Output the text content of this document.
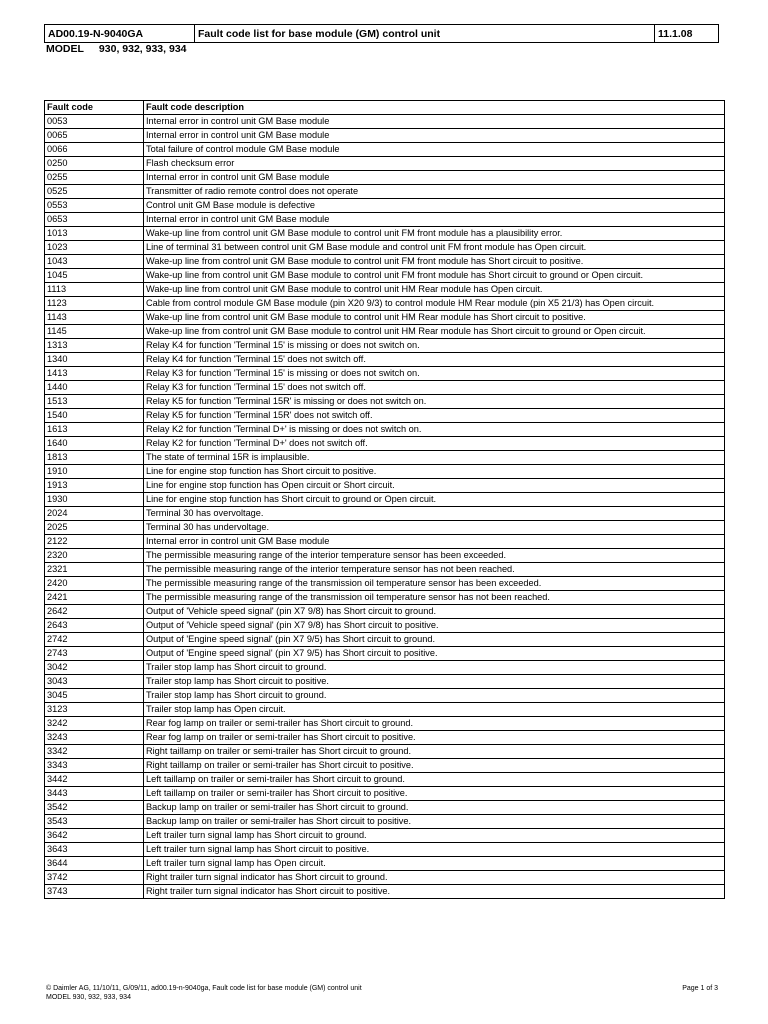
AD00.19-N-9040GA	Fault code list for base module (GM) control unit	11.1.08
MODEL 930, 932, 933, 934
Fault code	Fault code description
0053	Internal error in control unit GM Base module
0065	Internal error in control unit GM Base module
0066	Total failure of control module GM Base module
0250	Flash checksum error
0255	Internal error in control unit GM Base module
0525	Transmitter of radio remote control does not operate
0553	Control unit GM Base module is defective
0653	Internal error in control unit GM Base module
1013	Wake-up line from control unit GM Base module to control unit FM front module has a plausibility error.
1023	Line of terminal 31 between control unit GM Base module and control unit FM front module has Open circuit.
1043	Wake-up line from control unit GM Base module to control unit FM front module has Short circuit to positive.
1045	Wake-up line from control unit GM Base module to control unit FM front module has Short circuit to ground or Open circuit.
1113	Wake-up line from control unit GM Base module to control unit HM Rear module has Open circuit.
1123	Cable from control module GM Base module (pin X20 9/3) to control module HM Rear module (pin X5 21/3) has Open circuit.
1143	Wake-up line from control unit GM Base module to control unit HM Rear module has Short circuit to positive.
1145	Wake-up line from control unit GM Base module to control unit HM Rear module has Short circuit to ground or Open circuit.
1313	Relay K4 for function 'Terminal 15' is missing or does not switch on.
1340	Relay K4 for function 'Terminal 15' does not switch off.
1413	Relay K3 for function 'Terminal 15' is missing or does not switch on.
1440	Relay K3 for function 'Terminal 15' does not switch off.
1513	Relay K5 for function 'Terminal 15R' is missing or does not switch on.
1540	Relay K5 for function 'Terminal 15R' does not switch off.
1613	Relay K2 for function 'Terminal D+' is missing or does not switch on.
1640	Relay K2 for function 'Terminal D+' does not switch off.
1813	The state of terminal 15R is implausible.
1910	Line for engine stop function has Short circuit to positive.
1913	Line for engine stop function has Open circuit or Short circuit.
1930	Line for engine stop function has Short circuit to ground or Open circuit.
2024	Terminal 30 has overvoltage.
2025	Terminal 30 has undervoltage.
2122	Internal error in control unit GM Base module
2320	The permissible measuring range of the interior temperature sensor has been exceeded.
2321	The permissible measuring range of the interior temperature sensor has not been reached.
2420	The permissible measuring range of the transmission oil temperature sensor has been exceeded.
2421	The permissible measuring range of the transmission oil temperature sensor has not been reached.
2642	Output of 'Vehicle speed signal' (pin X7 9/8) has Short circuit to ground.
2643	Output of 'Vehicle speed signal' (pin X7 9/8) has Short circuit to positive.
2742	Output of 'Engine speed signal' (pin X7 9/5) has Short circuit to ground.
2743	Output of 'Engine speed signal' (pin X7 9/5) has Short circuit to positive.
3042	Trailer stop lamp has Short circuit to ground.
3043	Trailer stop lamp has Short circuit to positive.
3045	Trailer stop lamp has Short circuit to ground.
3123	Trailer stop lamp has Open circuit.
3242	Rear fog lamp on trailer or semi-trailer has Short circuit to ground.
3243	Rear fog lamp on trailer or semi-trailer has Short circuit to positive.
3342	Right taillamp on trailer or semi-trailer has Short circuit to ground.
3343	Right taillamp on trailer or semi-trailer has Short circuit to positive.
3442	Left taillamp on trailer or semi-trailer has Short circuit to ground.
3443	Left taillamp on trailer or semi-trailer has Short circuit to positive.
3542	Backup lamp on trailer or semi-trailer has Short circuit to ground.
3543	Backup lamp on trailer or semi-trailer has Short circuit to positive.
3642	Left trailer turn signal lamp has Short circuit to ground.
3643	Left trailer turn signal lamp has Short circuit to positive.
3644	Left trailer turn signal lamp has Open circuit.
3742	Right trailer turn signal indicator has Short circuit to ground.
3743	Right trailer turn signal indicator has Short circuit to positive.
© Daimler AG, 11/10/11, G/09/11, ad00.19-n-9040ga, Fault code list for base module (GM) control unit	Page 1 of 3
MODEL 930, 932, 933, 934
